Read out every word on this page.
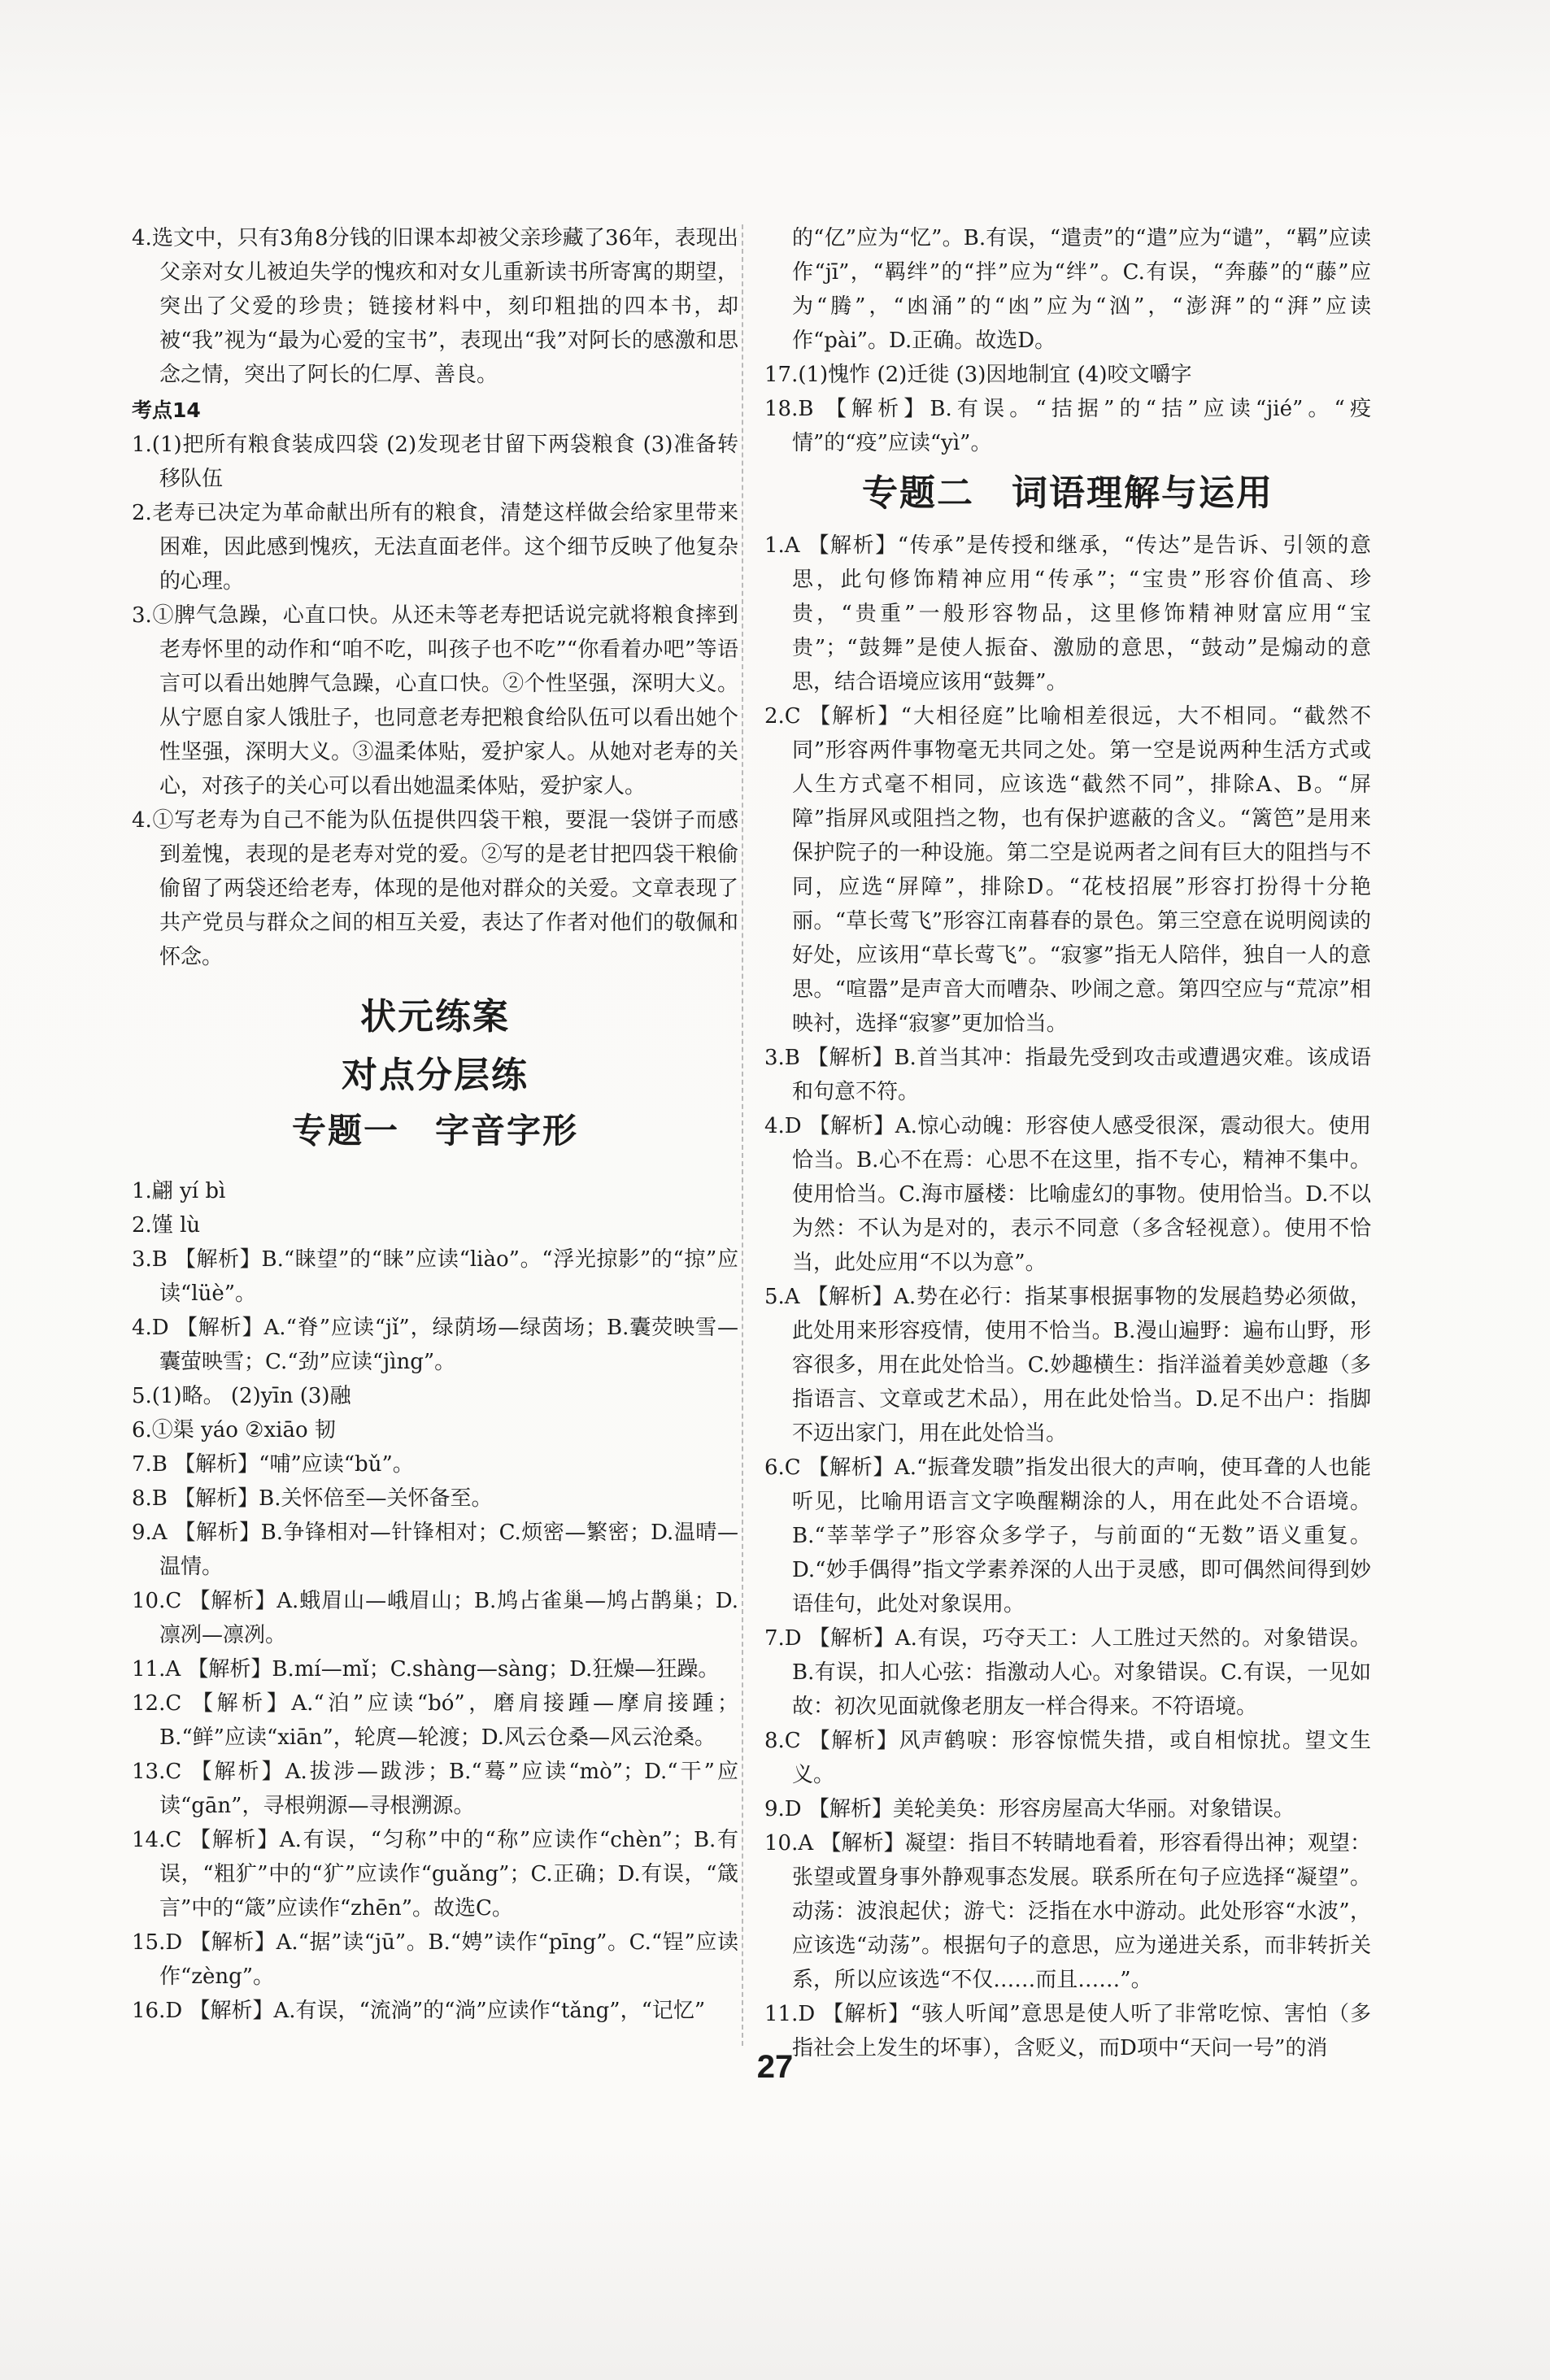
4.选文中，只有3角8分钱的旧课本却被父亲珍藏了36年，表现出父亲对女儿被迫失学的愧疚和对女儿重新读书所寄寓的期望，突出了父爱的珍贵；链接材料中，刻印粗拙的四本书，却被“我”视为“最为心爱的宝书”，表现出“我”对阿长的感激和思念之情，突出了阿长的仁厚、善良。

考点14

1.(1)把所有粮食装成四袋 (2)发现老甘留下两袋粮食 (3)准备转移队伍

2.老寿已决定为革命献出所有的粮食，清楚这样做会给家里带来困难，因此感到愧疚，无法直面老伴。这个细节反映了他复杂的心理。

3.①脾气急躁，心直口快。从还未等老寿把话说完就将粮食摔到老寿怀里的动作和“咱不吃，叫孩子也不吃”“你看着办吧”等语言可以看出她脾气急躁，心直口快。②个性坚强，深明大义。从宁愿自家人饿肚子，也同意老寿把粮食给队伍可以看出她个性坚强，深明大义。③温柔体贴，爱护家人。从她对老寿的关心，对孩子的关心可以看出她温柔体贴，爱护家人。

4.①写老寿为自己不能为队伍提供四袋干粮，要混一袋饼子而感到羞愧，表现的是老寿对党的爱。②写的是老甘把四袋干粮偷偷留了两袋还给老寿，体现的是他对群众的关爱。文章表现了共产党员与群众之间的相互关爱，表达了作者对他们的敬佩和怀念。

状元练案
对点分层练
专题一　字音字形

1.翩 yí bì

2.馑 lù

3.B 【解析】B.“睐望”的“睐”应读“liào”。“浮光掠影”的“掠”应读“lüè”。

4.D 【解析】A.“脊”应读“jǐ”，绿荫场—绿茵场；B.囊荧映雪—囊萤映雪；C.“劲”应读“jìng”。

5.(1)略。 (2)yīn (3)融

6.①渠 yáo ②xiāo 韧

7.B 【解析】“哺”应读“bǔ”。

8.B 【解析】B.关怀倍至—关怀备至。

9.A 【解析】B.争锋相对—针锋相对；C.烦密—繁密；D.温晴—温情。

10.C 【解析】A.蛾眉山—峨眉山；B.鸠占雀巢—鸠占鹊巢；D.凛冽—凛冽。

11.A 【解析】B.mí—mǐ；C.shàng—sàng；D.狂燥—狂躁。

12.C 【解析】A.“泊”应读“bó”，磨肩接踵—摩肩接踵；B.“鲜”应读“xiān”，轮庹—轮渡；D.风云仓桑—风云沧桑。

13.C 【解析】A.拔涉—跋涉；B.“蓦”应读“mò”；D.“干”应读“gān”，寻根朔源—寻根溯源。

14.C 【解析】A.有误，“匀称”中的“称”应读作“chèn”；B.有误，“粗犷”中的“犷”应读作“guǎng”；C.正确；D.有误，“箴言”中的“箴”应读作“zhēn”。故选C。

15.D 【解析】A.“据”读“jū”。B.“娉”读作“pīng”。C.“锃”应读作“zèng”。

16.D 【解析】A.有误，“流淌”的“淌”应读作“tǎng”，“记忆”

的“亿”应为“忆”。B.有误，“遣责”的“遣”应为“谴”，“羁”应读作“jī”，“羁绊”的“拌”应为“绊”。C.有误，“奔藤”的“藤”应为“腾”，“凼涌”的“凼”应为“汹”，“澎湃”的“湃”应读作“pài”。D.正确。故选D。

17.(1)愧怍 (2)迁徙 (3)因地制宜 (4)咬文嚼字

18.B 【解析】B.有误。“拮据”的“拮”应读“jié”。“疫情”的“疫”应读“yì”。

专题二　词语理解与运用

1.A 【解析】“传承”是传授和继承，“传达”是告诉、引领的意思，此句修饰精神应用“传承”；“宝贵”形容价值高、珍贵，“贵重”一般形容物品，这里修饰精神财富应用“宝贵”；“鼓舞”是使人振奋、激励的意思，“鼓动”是煽动的意思，结合语境应该用“鼓舞”。

2.C 【解析】“大相径庭”比喻相差很远，大不相同。“截然不同”形容两件事物毫无共同之处。第一空是说两种生活方式或人生方式毫不相同，应该选“截然不同”，排除A、B。“屏障”指屏风或阻挡之物，也有保护遮蔽的含义。“篱笆”是用来保护院子的一种设施。第二空是说两者之间有巨大的阻挡与不同，应选“屏障”，排除D。“花枝招展”形容打扮得十分艳丽。“草长莺飞”形容江南暮春的景色。第三空意在说明阅读的好处，应该用“草长莺飞”。“寂寥”指无人陪伴，独自一人的意思。“喧嚣”是声音大而嘈杂、吵闹之意。第四空应与“荒凉”相映衬，选择“寂寥”更加恰当。

3.B 【解析】B.首当其冲：指最先受到攻击或遭遇灾难。该成语和句意不符。

4.D 【解析】A.惊心动魄：形容使人感受很深，震动很大。使用恰当。B.心不在焉：心思不在这里，指不专心，精神不集中。使用恰当。C.海市蜃楼：比喻虚幻的事物。使用恰当。D.不以为然：不认为是对的，表示不同意（多含轻视意）。使用不恰当，此处应用“不以为意”。

5.A 【解析】A.势在必行：指某事根据事物的发展趋势必须做，此处用来形容疫情，使用不恰当。B.漫山遍野：遍布山野，形容很多，用在此处恰当。C.妙趣横生：指洋溢着美妙意趣（多指语言、文章或艺术品），用在此处恰当。D.足不出户：指脚不迈出家门，用在此处恰当。

6.C 【解析】A.“振聋发聩”指发出很大的声响，使耳聋的人也能听见，比喻用语言文字唤醒糊涂的人，用在此处不合语境。B.“莘莘学子”形容众多学子，与前面的“无数”语义重复。D.“妙手偶得”指文学素养深的人出于灵感，即可偶然间得到妙语佳句，此处对象误用。

7.D 【解析】A.有误，巧夺天工：人工胜过天然的。对象错误。B.有误，扣人心弦：指激动人心。对象错误。C.有误，一见如故：初次见面就像老朋友一样合得来。不符语境。

8.C 【解析】风声鹤唳：形容惊慌失措，或自相惊扰。望文生义。

9.D 【解析】美轮美奂：形容房屋高大华丽。对象错误。

10.A 【解析】凝望：指目不转睛地看着，形容看得出神；观望：张望或置身事外静观事态发展。联系所在句子应选择“凝望”。动荡：波浪起伏；游弋：泛指在水中游动。此处形容“水波”，应该选“动荡”。根据句子的意思，应为递进关系，而非转折关系，所以应该选“不仅……而且……”。

11.D 【解析】“骇人听闻”意思是使人听了非常吃惊、害怕（多指社会上发生的坏事），含贬义，而D项中“天问一号”的消

27
